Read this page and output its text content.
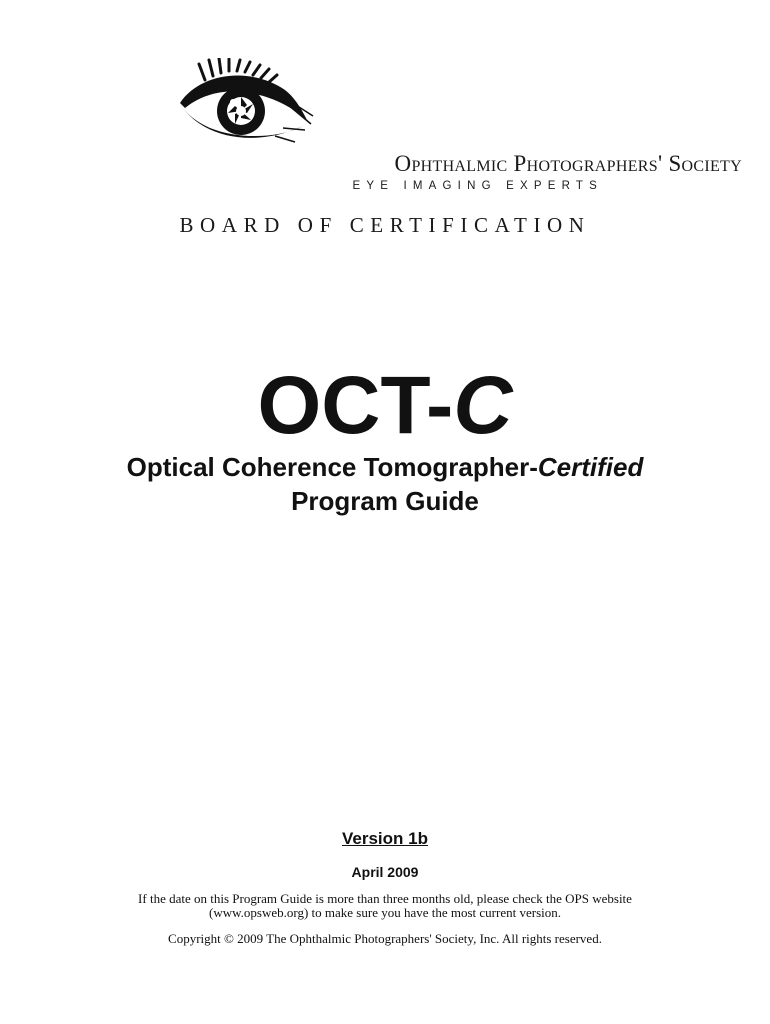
Ophthalmic Photographers' Society
EYE IMAGING EXPERTS
BOARD OF CERTIFICATION
OCT-C
Optical Coherence Tomographer-Certified
Program Guide
Version 1b
April 2009
If the date on this Program Guide is more than three months old, please check the OPS website
(www.opsweb.org) to make sure you have the most current version.
Copyright © 2009 The Ophthalmic Photographers' Society, Inc. All rights reserved.
